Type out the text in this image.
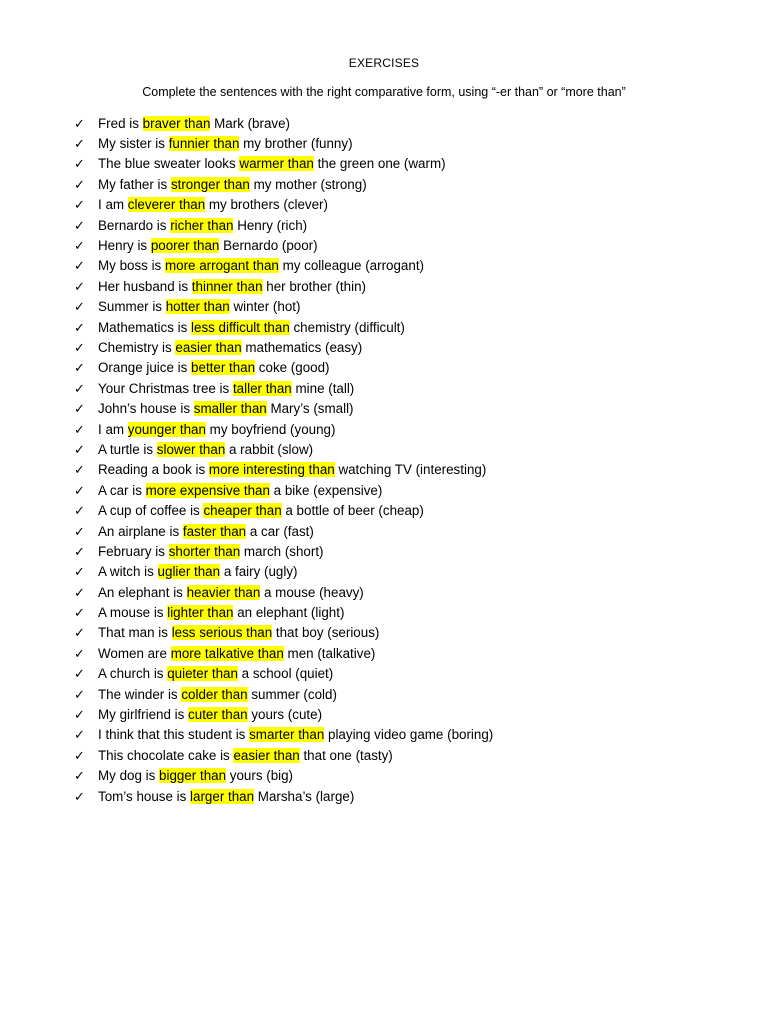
EXERCISES
Complete the sentences with the right comparative form, using “-er than” or “more than”
✓ Fred is braver than Mark (brave)
✓ My sister is funnier than my brother (funny)
✓ The blue sweater looks warmer than the green one (warm)
✓ My father is stronger than my mother (strong)
✓ I am cleverer than my brothers (clever)
✓ Bernardo is richer than Henry (rich)
✓ Henry is poorer than Bernardo (poor)
✓ My boss is more arrogant than my colleague (arrogant)
✓ Her husband is thinner than her brother (thin)
✓ Summer is hotter than winter (hot)
✓ Mathematics is less difficult than chemistry (difficult)
✓ Chemistry is easier than mathematics (easy)
✓ Orange juice is better than coke (good)
✓ Your Christmas tree is taller than mine (tall)
✓ John’s house is smaller than Mary’s (small)
✓ I am younger than my boyfriend (young)
✓ A turtle is slower than a rabbit (slow)
✓ Reading a book is more interesting than watching TV (interesting)
✓ A car is more expensive than a bike (expensive)
✓ A cup of coffee is cheaper than a bottle of beer (cheap)
✓ An airplane is faster than a car (fast)
✓ February is shorter than march (short)
✓ A witch is uglier than a fairy (ugly)
✓ An elephant is heavier than a mouse (heavy)
✓ A mouse is lighter than an elephant (light)
✓ That man is less serious than that boy (serious)
✓ Women are more talkative than men (talkative)
✓ A church is quieter than a school (quiet)
✓ The winder is colder than summer (cold)
✓ My girlfriend is cuter than yours (cute)
✓ I think that this student is smarter than playing video game (boring)
✓ This chocolate cake is easier than that one (tasty)
✓ My dog is bigger than yours (big)
✓ Tom’s house is larger than Marsha’s (large)
